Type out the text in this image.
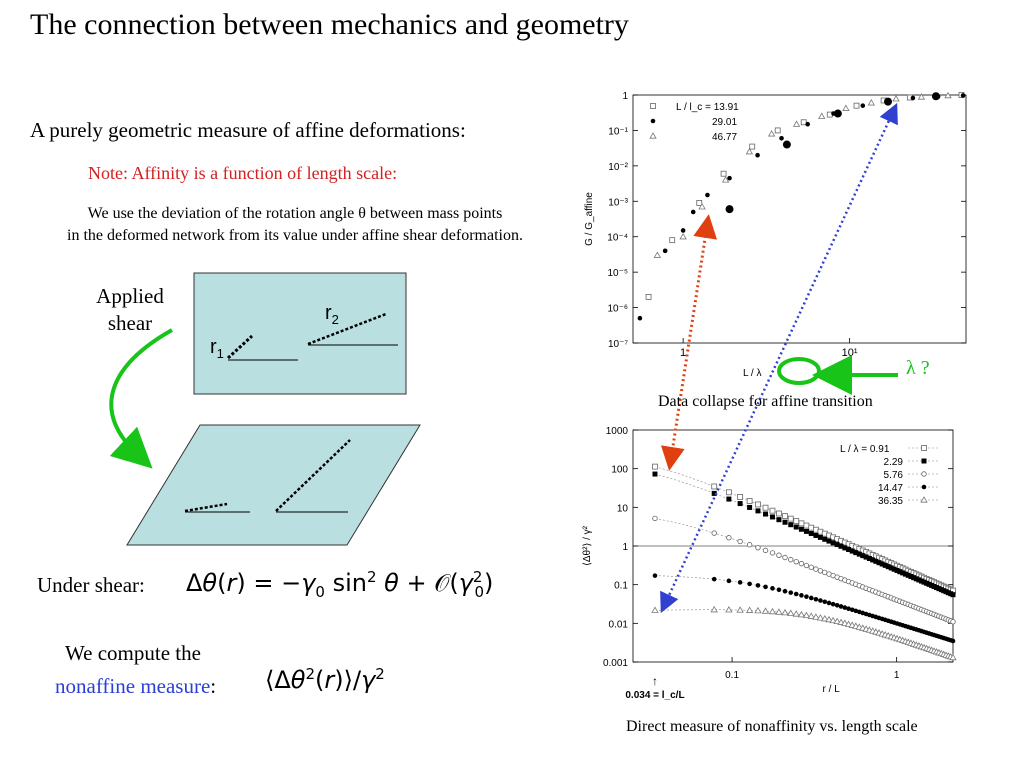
The connection between mechanics and geometry
A purely geometric measure of affine deformations:
Note: Affinity is a function of length scale:
We use the deviation of the rotation angle θ between mass points
in the deformed network from its value under affine shear deformation.
Applied
shear
Under shear:
We compute the
nonaffine measure:
$\Delta\theta(r) = -\gamma_0$ $\sin^2 \theta$ + $𝒪(\gamma^2_0)$
$⟨\Delta\theta^2(r)⟩/\gamma^2$
$r_1$
$r_2$
1
10⁻¹
10⁻²
10⁻³
10⁻⁴
10⁻⁵
10⁻⁶
10⁻⁷
1	10¹
L / λ
G / G_affine
L / l_c = 13.91
29.01
46.77
1000
100
10
1
0.1
0.01
0.001
0.1	1
r / L
⟨Δθ²⟩ / γ²
↑
0.034 = l_c/L
L / λ = 0.91
2.29
5.76
14.47
36.35
λ ?
Data collapse for affine transition
Direct measure of nonaffinity vs. length scale
